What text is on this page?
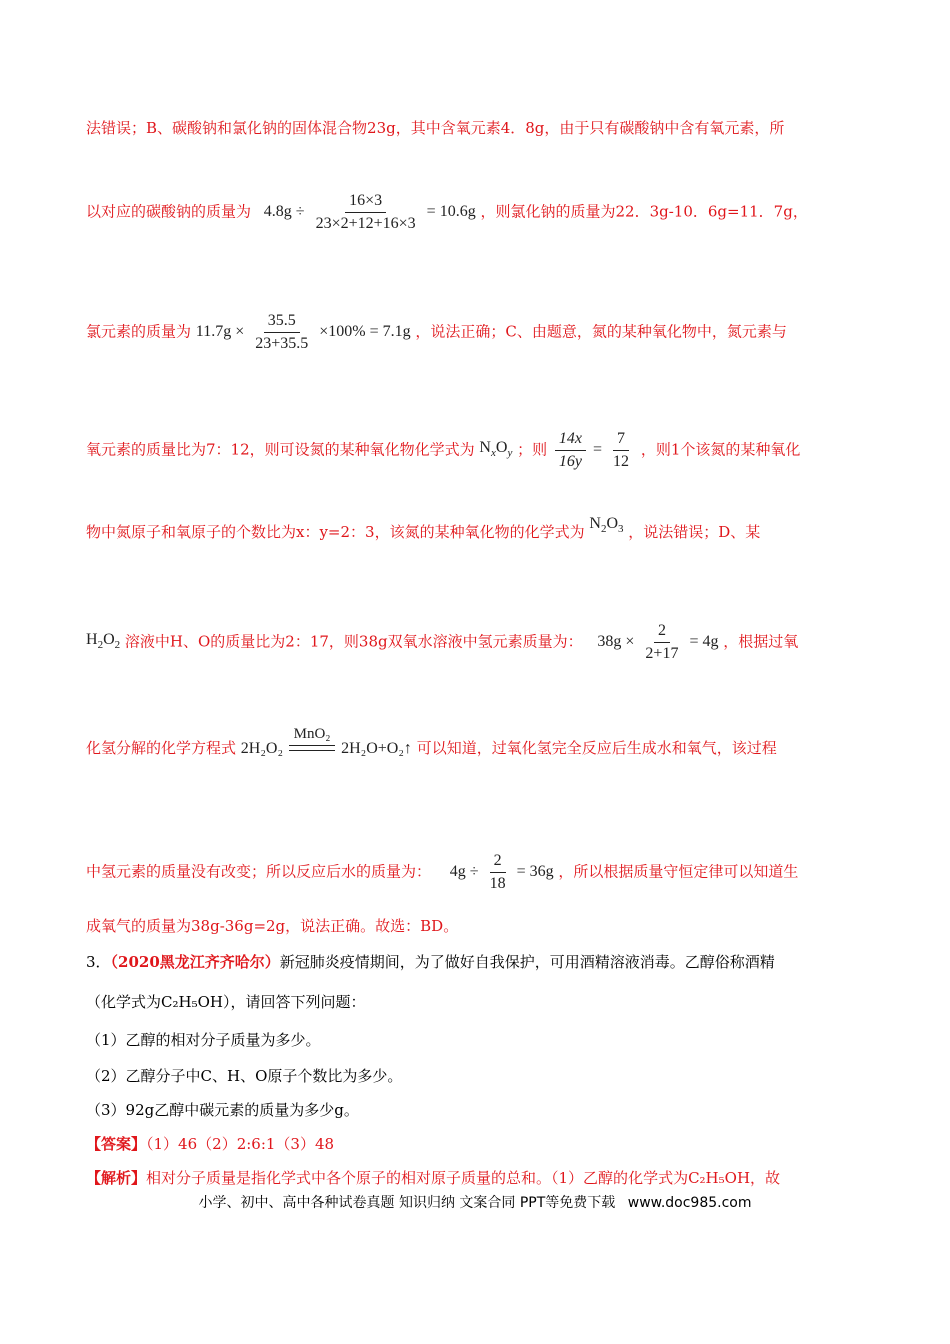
法错误；B、碳酸钠和氯化钠的固体混合物23g，其中含氧元素4．8g，由于只有碳酸钠中含有氧元素，所
以对应的碳酸钠的质量为 $4.8g \div \frac{16\times 3}{23\times 2+12+16\times 3} = 10.6g$ ，则氯化钠的质量为22．3g-10．6g=11．7g，
氯元素的质量为 $11.7g \times \frac{35.5}{23+35.5} \times 100\% = 7.1g$ ，说法正确；C、由题意，氮的某种氧化物中，氮元素与
氧元素的质量比为7：12，则可设氮的某种氧化物化学式为 $N_xO_y$ ；则 $\frac{14x}{16y} = \frac{7}{12}$ ，则1个该氮的某种氧化
物中氮原子和氧原子的个数比为x：y=2：3，该氮的某种氧化物的化学式为 $N_2O_3$ ，说法错误；D、某
$H_2O_2$ 溶液中H、O的质量比为2：17，则38g双氧水溶液中氢元素质量为： $38g \times \frac{2}{2+17} = 4g$ ，根据过氧
化氢分解的化学方程式 2H₂O₂
MnO₂
2H₂O+O₂↑ 可以知道，过氧化氢完全反应后生成水和氧气，该过程
中氢元素的质量没有改变；所以反应后水的质量为： $4g \div \frac{2}{18} = 36g$ ，所以根据质量守恒定律可以知道生
成氧气的质量为38g-36g=2g，说法正确。故选：BD。
3．（2020黑龙江齐齐哈尔）新冠肺炎疫情期间，为了做好自我保护，可用酒精溶液消毒。乙醇俗称酒精
（化学式为C₂H₅OH），请回答下列问题：
（1）乙醇的相对分子质量为多少。
（2）乙醇分子中C、H、O原子个数比为多少。
（3）92g乙醇中碳元素的质量为多少g。
【答案】（1）46（2）2:6:1（3）48
【解析】相对分子质量是指化学式中各个原子的相对原子质量的总和。（1）乙醇的化学式为C₂H₅OH，故
小学、初中、高中各种试卷真题 知识归纳 文案合同 PPT等免费下载 www.doc985.com
